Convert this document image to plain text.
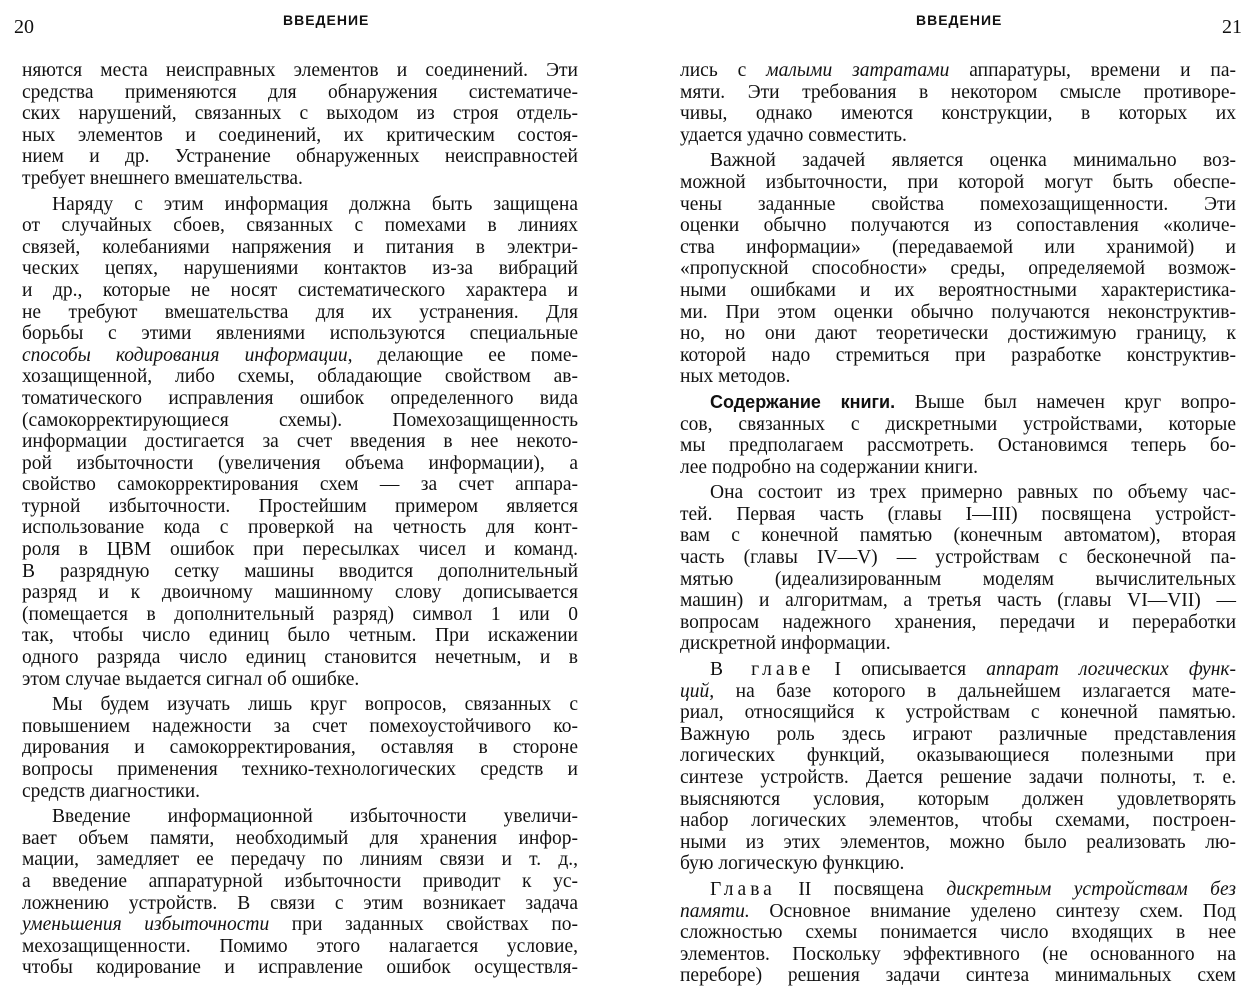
20	ВВЕДЕНИЕ
няются места неисправных элементов и соединений. Эти
средства применяются для обнаружения систематиче-
ских нарушений, связанных с выходом из строя отдель-
ных элементов и соединений, их критическим состоя-
нием и др. Устранение обнаруженных неисправностей
требует внешнего вмешательства.
Наряду с этим информация должна быть защищена
от случайных сбоев, связанных с помехами в линиях
связей, колебаниями напряжения и питания в электри-
ческих цепях, нарушениями контактов из-за вибраций
и др., которые не носят систематического характера и
не требуют вмешательства для их устранения. Для
борьбы с этими явлениями используются специальные
способы кодирования информации, делающие ее поме-
хозащищенной, либо схемы, обладающие свойством ав-
томатического исправления ошибок определенного вида
(самокорректирующиеся схемы). Помехозащищенность
информации достигается за счет введения в нее некото-
рой избыточности (увеличения объема информации), а
свойство самокорректирования схем — за счет аппара-
турной избыточности. Простейшим примером является
использование кода с проверкой на четность для конт-
роля в ЦВМ ошибок при пересылках чисел и команд.
В разрядную сетку машины вводится дополнительный
разряд и к двоичному машинному слову дописывается
(помещается в дополнительный разряд) символ 1 или 0
так, чтобы число единиц было четным. При искажении
одного разряда число единиц становится нечетным, и в
этом случае выдается сигнал об ошибке.
Мы будем изучать лишь круг вопросов, связанных с
повышением надежности за счет помехоустойчивого ко-
дирования и самокорректирования, оставляя в стороне
вопросы применения технико-технологических средств и
средств диагностики.
Введение информационной избыточности увеличи-
вает объем памяти, необходимый для хранения инфор-
мации, замедляет ее передачу по линиям связи и т. д.,
а введение аппаратурной избыточности приводит к ус-
ложнению устройств. В связи с этим возникает задача
уменьшения избыточности при заданных свойствах по-
мехозащищенности. Помимо этого налагается условие,
чтобы кодирование и исправление ошибок осуществля-
ВВЕДЕНИЕ	21
лись с малыми затратами аппаратуры, времени и па-
мяти. Эти требования в некотором смысле противоре-
чивы, однако имеются конструкции, в которых их
удается удачно совместить.
Важной задачей является оценка минимально воз-
можной избыточности, при которой могут быть обеспе-
чены заданные свойства помехозащищенности. Эти
оценки обычно получаются из сопоставления «количе-
ства информации» (передаваемой или хранимой) и
«пропускной способности» среды, определяемой возмож-
ными ошибками и их вероятностными характеристика-
ми. При этом оценки обычно получаются неконструктив-
но, но они дают теоретически достижимую границу, к
которой надо стремиться при разработке конструктив-
ных методов.
Содержание книги. Выше был намечен круг вопро-
сов, связанных с дискретными устройствами, которые
мы предполагаем рассмотреть. Остановимся теперь бо-
лее подробно на содержании книги.
Она состоит из трех примерно равных по объему час-
тей. Первая часть (главы I—III) посвящена устройст-
вам с конечной памятью (конечным автоматом), вторая
часть (главы IV—V) — устройствам с бесконечной па-
мятью (идеализированным моделям вычислительных
машин) и алгоритмам, а третья часть (главы VI—VII) —
вопросам надежного хранения, передачи и переработки
дискретной информации.
В главе I описывается аппарат логических функ-
ций, на базе которого в дальнейшем излагается мате-
риал, относящийся к устройствам с конечной памятью.
Важную роль здесь играют различные представления
логических функций, оказывающиеся полезными при
синтезе устройств. Дается решение задачи полноты, т. е.
выясняются условия, которым должен удовлетворять
набор логических элементов, чтобы схемами, построен-
ными из этих элементов, можно было реализовать лю-
бую логическую функцию.
Глава II посвящена дискретным устройствам без
памяти. Основное внимание уделено синтезу схем. Под
сложностью схемы понимается число входящих в нее
элементов. Поскольку эффективного (не основанного на
переборе) решения задачи синтеза минимальных схем
